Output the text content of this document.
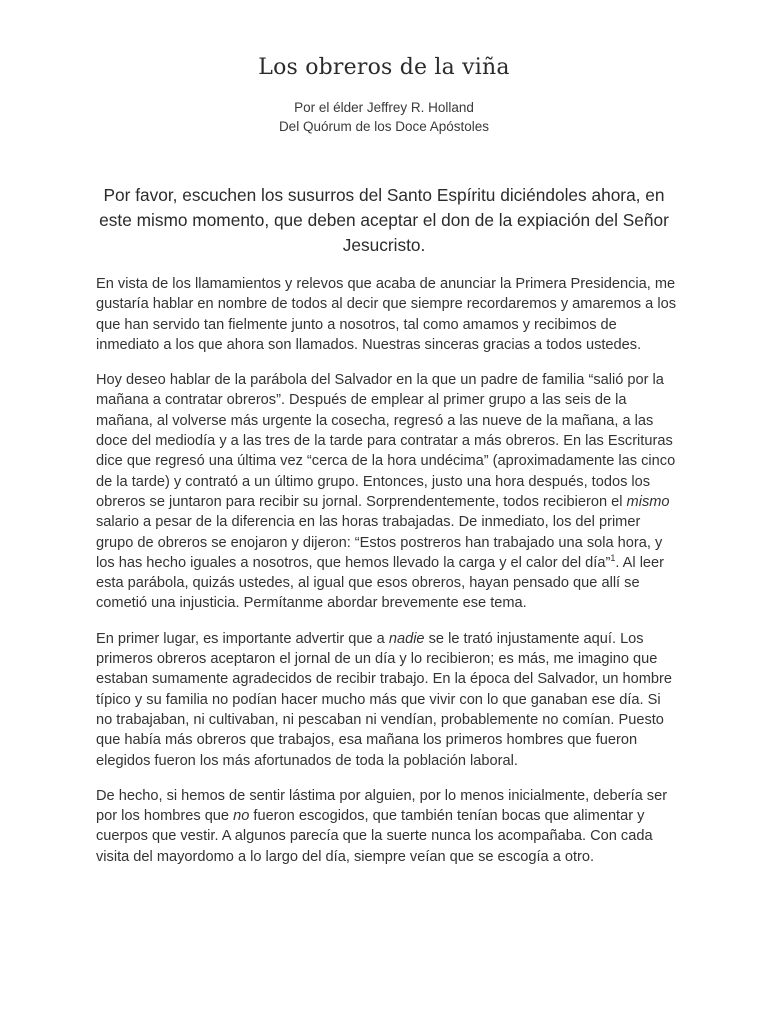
Los obreros de la viña
Por el élder Jeffrey R. Holland
Del Quórum de los Doce Apóstoles

Por favor, escuchen los susurros del Santo Espíritu diciéndoles ahora, en este mismo momento, que deben aceptar el don de la expiación del Señor Jesucristo.

En vista de los llamamientos y relevos que acaba de anunciar la Primera Presidencia, me gustaría hablar en nombre de todos al decir que siempre recordaremos y amaremos a los que han servido tan fielmente junto a nosotros, tal como amamos y recibimos de inmediato a los que ahora son llamados. Nuestras sinceras gracias a todos ustedes.

Hoy deseo hablar de la parábola del Salvador en la que un padre de familia “salió por la mañana a contratar obreros”. Después de emplear al primer grupo a las seis de la mañana, al volverse más urgente la cosecha, regresó a las nueve de la mañana, a las doce del mediodía y a las tres de la tarde para contratar a más obreros. En las Escrituras dice que regresó una última vez “cerca de la hora undécima” (aproximadamente las cinco de la tarde) y contrató a un último grupo. Entonces, justo una hora después, todos los obreros se juntaron para recibir su jornal. Sorprendentemente, todos recibieron el mismo salario a pesar de la diferencia en las horas trabajadas. De inmediato, los del primer grupo de obreros se enojaron y dijeron: “Estos postreros han trabajado una sola hora, y los has hecho iguales a nosotros, que hemos llevado la carga y el calor del día”$^1$. Al leer esta parábola, quizás ustedes, al igual que esos obreros, hayan pensado que allí se cometió una injusticia. Permítanme abordar brevemente ese tema.

En primer lugar, es importante advertir que a nadie se le trató injustamente aquí. Los primeros obreros aceptaron el jornal de un día y lo recibieron; es más, me imagino que estaban sumamente agradecidos de recibir trabajo. En la época del Salvador, un hombre típico y su familia no podían hacer mucho más que vivir con lo que ganaban ese día. Si no trabajaban, ni cultivaban, ni pescaban ni vendían, probablemente no comían. Puesto que había más obreros que trabajos, esa mañana los primeros hombres que fueron elegidos fueron los más afortunados de toda la población laboral.

De hecho, si hemos de sentir lástima por alguien, por lo menos inicialmente, debería ser por los hombres que no fueron escogidos, que también tenían bocas que alimentar y cuerpos que vestir. A algunos parecía que la suerte nunca los acompañaba. Con cada visita del mayordomo a lo largo del día, siempre veían que se escogía a otro.
